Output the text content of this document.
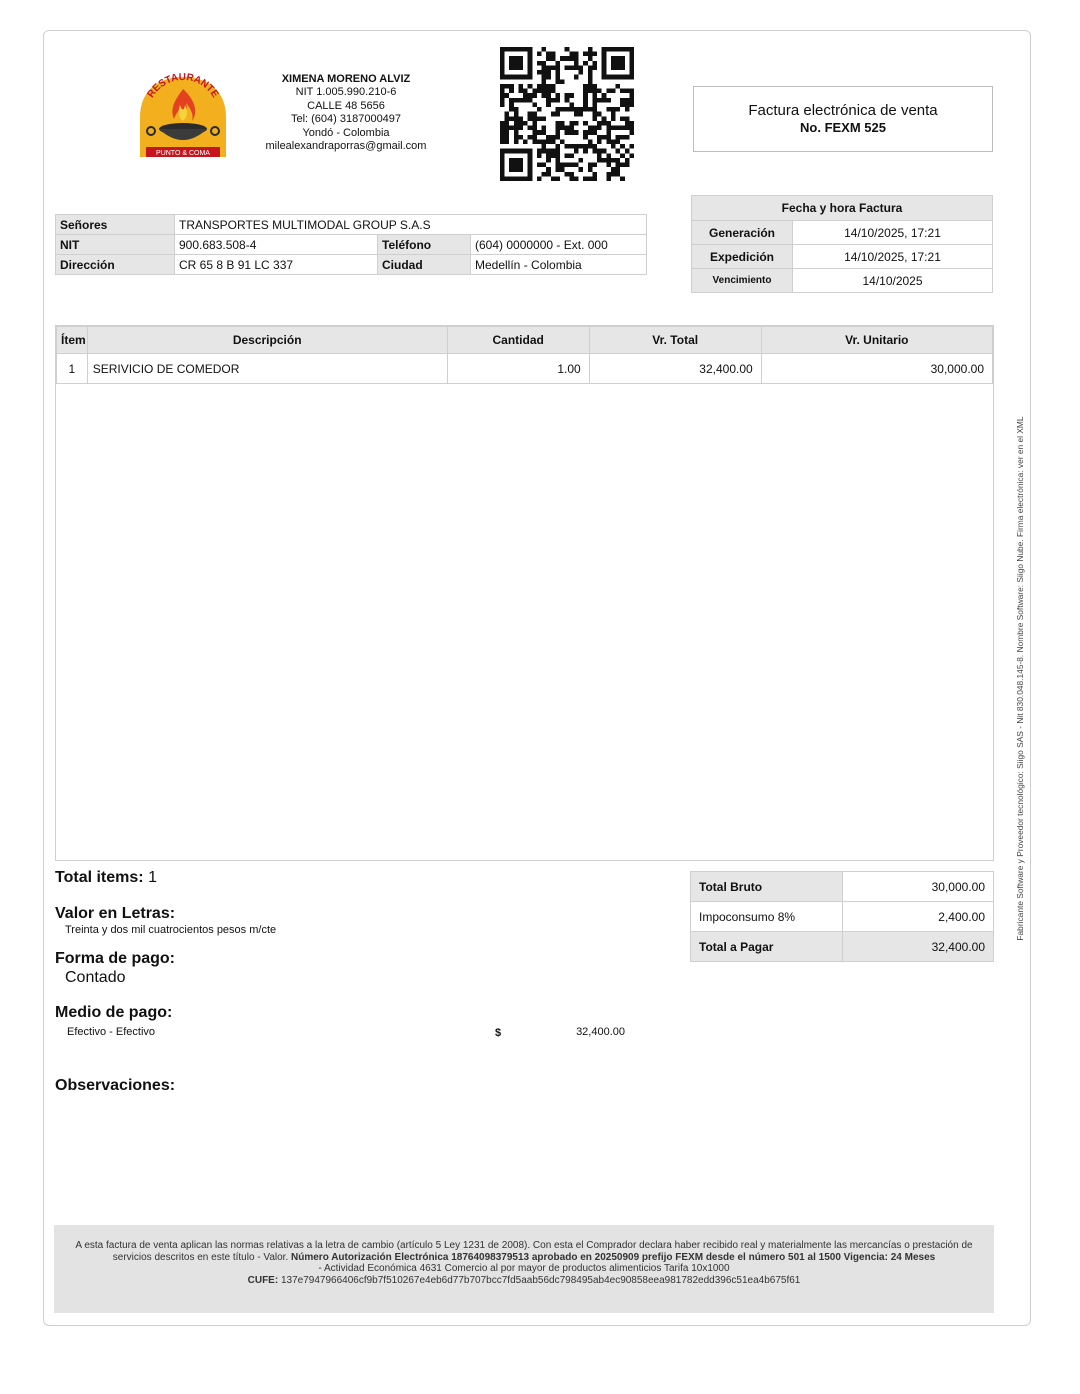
RESTAURANTE
PUNTO & COMA
XIMENA MORENO ALVIZ
NIT 1.005.990.210-6
CALLE 48 5656
Tel: (604) 3187000497
Yondó - Colombia
milealexandraporras@gmail.com
Factura electrónica de venta
No. FEXM 525
Señores	TRANSPORTES MULTIMODAL GROUP S.A.S		
NIT	900.683.508-4	Teléfono	(604) 0000000 - Ext. 000
Dirección	CR 65 8 B 91 LC 337	Ciudad	Medellín - Colombia
Fecha y hora Factura	
Generación	14/10/2025, 17:21
Expedición	14/10/2025, 17:21
Vencimiento	14/10/2025
Ítem	Descripción	Cantidad	Vr. Total	Vr. Unitario
1	SERIVICIO DE COMEDOR	1.00	32,400.00	30,000.00
Total items: 1
Valor en Letras:
Treinta y dos mil cuatrocientos pesos m/cte
Forma de pago:
Contado
Medio de pago:
Efectivo - Efectivo	$	32,400.00
Observaciones:
Total Bruto	30,000.00
Impoconsumo 8%	2,400.00
Total a Pagar	32,400.00
Fabricante Software y Proveedor tecnológico: Siigo SAS - Nit 830.048.145-8. Nombre Software: Siigo Nube. Firma electrónica: ver en el XML
A esta factura de venta aplican las normas relativas a la letra de cambio (artículo 5 Ley 1231 de 2008). Con esta el Comprador declara haber recibido real y materialmente las mercancías o prestación de servicios descritos en este título - Valor. Número Autorización Electrónica 18764098379513 aprobado en 20250909 prefijo FEXM desde el número 501 al 1500 Vigencia: 24 Meses
- Actividad Económica 4631 Comercio al por mayor de productos alimenticios Tarifa 10x1000
CUFE: 137e7947966406cf9b7f510267e4eb6d77b707bcc7fd5aab56dc798495ab4ec90858eea981782edd396c51ea4b675f61
